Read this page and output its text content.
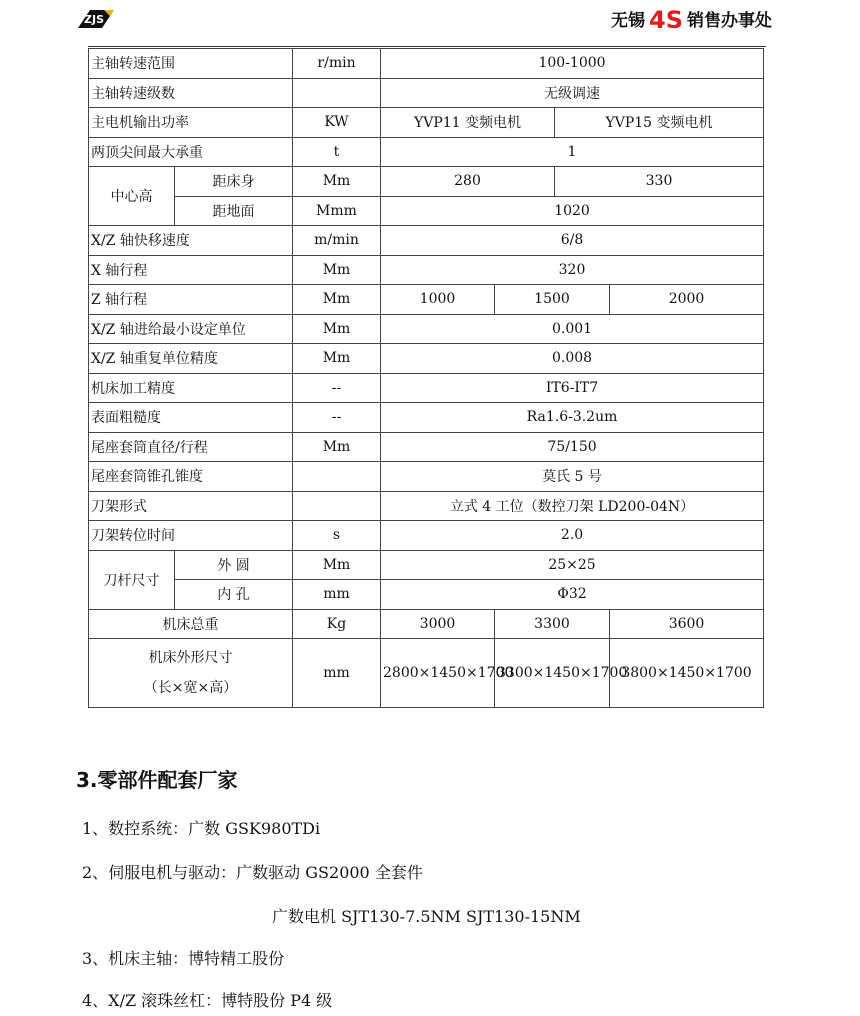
ZJS	无锡 4S 销售办事处
主轴转速范围		r/min	100-1000			
主轴转速级数			无级调速			
主电机输出功率		KW	YVP11 变频电机		YVP15 变频电机	
两顶尖间最大承重		t	1			
中心高	距床身	Mm	280		330	
	距地面	Mmm	1020			
X/Z 轴快移速度		m/min	6/8			
X 轴行程		Mm	320			
Z 轴行程		Mm	1000	1500		2000
X/Z 轴进给最小设定单位		Mm	0.001			
X/Z 轴重复单位精度		Mm	0.008			
机床加工精度		--	IT6-IT7			
表面粗糙度		--	Ra1.6-3.2um			
尾座套筒直径/行程		Mm	75/150			
尾座套筒锥孔锥度			莫氏 5 号			
刀架形式			立式 4 工位（数控刀架 LD200-04N）			
刀架转位时间		s	2.0			
刀杆尺寸	外 圆	Mm	25×25			
	内 孔	mm	Φ32			
机床总重		Kg	3000	3300		3600

机床外形尺寸
（长×宽×高）		mm	2800×1450×1700	3300×1450×1700		3800×1450×1700
3.零部件配套厂家
1、数控系统：广数 GSK980TDi
2、伺服电机与驱动：广数驱动 GS2000 全套件
广数电机 SJT130-7.5NM SJT130-15NM
3、机床主轴：博特精工股份
4、X/Z 滚珠丝杠：博特股份 P4 级
